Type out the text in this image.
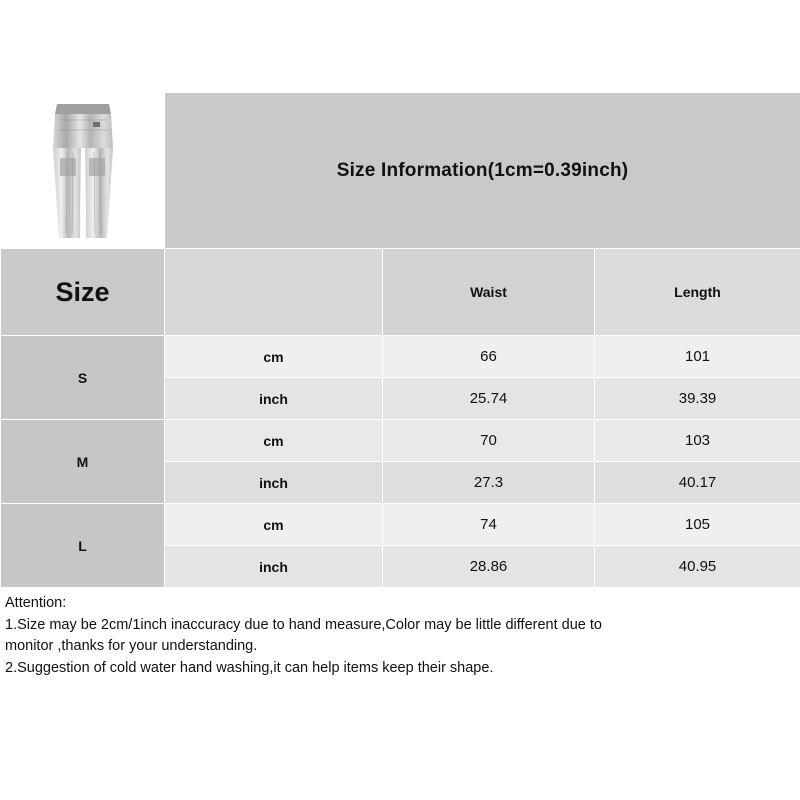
	Size Information(1cm=0.39inch)		
Size		Waist	Length
S	cm	66	101
	inch	25.74	39.39
M	cm	70	103
	inch	27.3	40.17
L	cm	74	105
	inch	28.86	40.95

Attention:

1.Size may be 2cm/1inch inaccuracy due to hand measure,Color may be little different due to

monitor ,thanks for your understanding.

2.Suggestion of cold water hand washing,it can help items keep their shape.
